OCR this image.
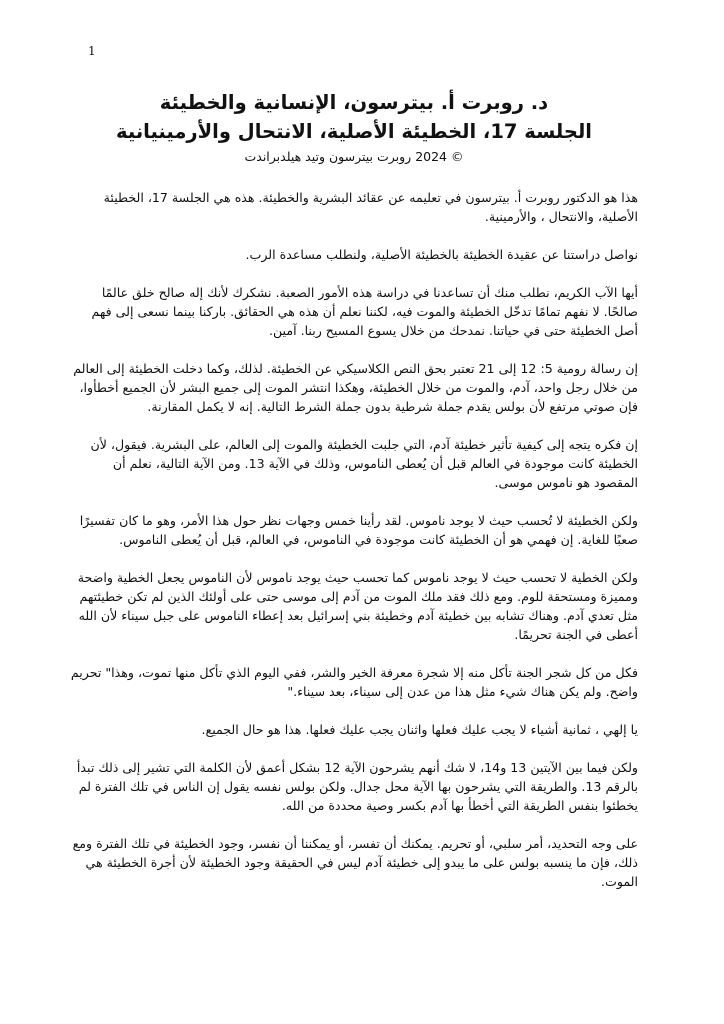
1
د. روبرت أ. بيترسون، الإنسانية والخطيئة
الجلسة 17، الخطيئة الأصلية، الانتحال والأرمينيانية
© 2024 روبرت بيترسون وتيد هيلدبراندت

هذا هو الدكتور روبرت أ. بيترسون في تعليمه عن عقائد البشرية والخطيئة. هذه هي الجلسة 17، الخطيئة الأصلية، والانتحال ، والأرمينية.

نواصل دراستنا عن عقيدة الخطيئة بالخطيئة الأصلية، ولنطلب مساعدة الرب.

أيها الآب الكريم، نطلب منك أن تساعدنا في دراسة هذه الأمور الصعبة. نشكرك لأنك إله صالح خلق عالمًا صالحًا. لا نفهم تمامًا تدخّل الخطيئة والموت فيه، لكننا نعلم أن هذه هي الحقائق. باركنا بينما نسعى إلى فهم أصل الخطيئة حتى في حياتنا. نمدحك من خلال يسوع المسيح ربنا. آمين.

إن رسالة رومية 5: 12 إلى 21 تعتبر بحق النص الكلاسيكي عن الخطيئة. لذلك، وكما دخلت الخطيئة إلى العالم من خلال رجل واحد، آدم، والموت من خلال الخطيئة، وهكذا انتشر الموت إلى جميع البشر لأن الجميع أخطأوا، فإن صوتي مرتفع لأن بولس يقدم جملة شرطية بدون جملة الشرط التالية. إنه لا يكمل المقارنة.

إن فكره يتجه إلى كيفية تأثير خطيئة آدم، التي جلبت الخطيئة والموت إلى العالم، على البشرية. فيقول، لأن الخطيئة كانت موجودة في العالم قبل أن يُعطى الناموس، وذلك في الآية 13. ومن الآية التالية، نعلم أن المقصود هو ناموس موسى.

ولكن الخطيئة لا تُحسب حيث لا يوجد ناموس. لقد رأينا خمس وجهات نظر حول هذا الأمر، وهو ما كان تفسيرًا صعبًا للغاية. إن فهمي هو أن الخطيئة كانت موجودة في الناموس، في العالم، قبل أن يُعطى الناموس.

ولكن الخطية لا تحسب حيث لا يوجد ناموس كما تحسب حيث يوجد ناموس لأن الناموس يجعل الخطية واضحة ومميزة ومستحقة للوم. ومع ذلك فقد ملك الموت من آدم إلى موسى حتى على أولئك الذين لم تكن خطيئتهم مثل تعدي آدم. وهناك تشابه بين خطيئة آدم وخطيئة بني إسرائيل بعد إعطاء الناموس على جبل سيناء لأن الله أعطى في الجنة تحريمًا.

فكل من كل شجر الجنة تأكل منه إلا شجرة معرفة الخير والشر، ففي اليوم الذي تأكل منها تموت، وهذا" تحريم واضح. ولم يكن هناك شيء مثل هذا من عدن إلى سيناء، بعد سيناء."

يا إلهي ، ثمانية أشياء لا يجب عليك فعلها واثنان يجب عليك فعلها. هذا هو حال الجميع.

ولكن فيما بين الآيتين 13 و14، لا شك أنهم يشرحون الآية 12 بشكل أعمق لأن الكلمة التي تشير إلى ذلك تبدأ بالرقم 13. والطريقة التي يشرحون بها الآية محل جدال. ولكن بولس نفسه يقول إن الناس في تلك الفترة لم يخطئوا بنفس الطريقة التي أخطأ بها آدم بكسر وصية محددة من الله.

على وجه التحديد، أمر سلبي، أو تحريم. يمكنك أن تفسر، أو يمكننا أن نفسر، وجود الخطيئة في تلك الفترة ومع ذلك، فإن ما ينسبه بولس على ما يبدو إلى خطيئة آدم ليس في الحقيقة وجود الخطيئة لأن أجرة الخطيئة هي الموت.
